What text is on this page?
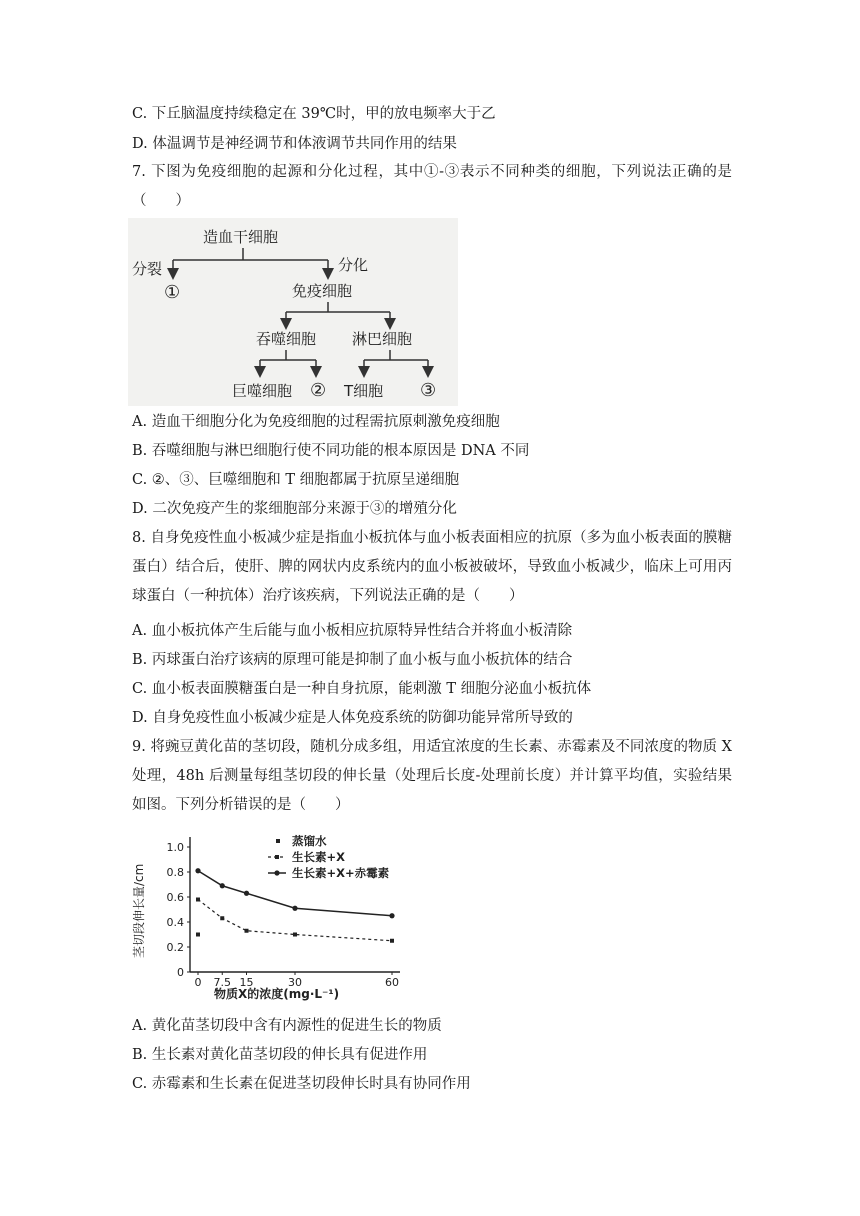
C. 下丘脑温度持续稳定在 39℃时，甲的放电频率大于乙
D. 体温调节是神经调节和体液调节共同作用的结果
7. 下图为免疫细胞的起源和分化过程，其中①-③表示不同种类的细胞，下列说法正确的是（　　）
造血干细胞
分裂	分化
①	免疫细胞
吞噬细胞 淋巴细胞
巨噬细胞 ② T细胞 ③
A. 造血干细胞分化为免疫细胞的过程需抗原刺激免疫细胞
B. 吞噬细胞与淋巴细胞行使不同功能的根本原因是 DNA 不同
C. ②、③、巨噬细胞和 T 细胞都属于抗原呈递细胞
D. 二次免疫产生的浆细胞部分来源于③的增殖分化
8. 自身免疫性血小板减少症是指血小板抗体与血小板表面相应的抗原（多为血小板表面的膜糖蛋白）结合后，使肝、脾的网状内皮系统内的血小板被破坏，导致血小板减少，临床上可用丙球蛋白（一种抗体）治疗该疾病，下列说法正确的是（　　）
A. 血小板抗体产生后能与血小板相应抗原特异性结合并将血小板清除
B. 丙球蛋白治疗该病的原理可能是抑制了血小板与血小板抗体的结合
C. 血小板表面膜糖蛋白是一种自身抗原，能刺激 T 细胞分泌血小板抗体
D. 自身免疫性血小板减少症是人体免疫系统的防御功能异常所导致的
9. 将豌豆黄化苗的茎切段，随机分成多组，用适宜浓度的生长素、赤霉素及不同浓度的物质 X 处理，48h 后测量每组茎切段的伸长量（处理后长度-处理前长度）并计算平均值，实验结果如图。下列分析错误的是（　　）
0
0.2
0.4
0.6
0.8
1.0
0 7.5 15	30	60
蒸馏水
生长素+X
生长素+X+赤霉素
茎切段伸长量/cm
物质X的浓度(mg·L⁻¹)
A. 黄化苗茎切段中含有内源性的促进生长的物质
B. 生长素对黄化苗茎切段的伸长具有促进作用
C. 赤霉素和生长素在促进茎切段伸长时具有协同作用
